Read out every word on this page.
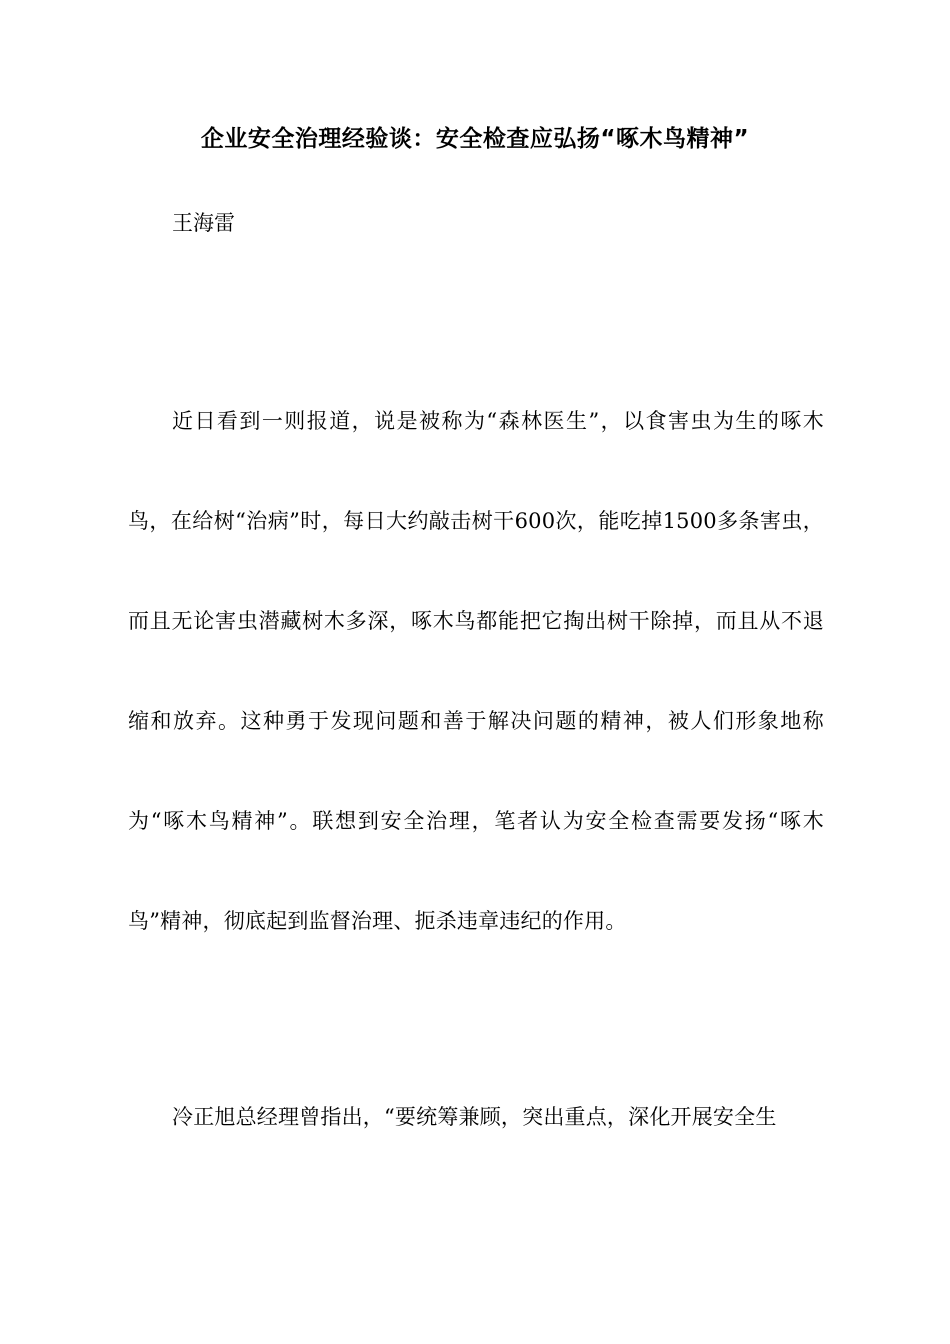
企业安全治理经验谈：安全检查应弘扬“啄木鸟精神”
王海雷

近日看到一则报道，说是被称为“森林医生”，以食害虫为生的啄木鸟，在给树“治病”时，每日大约敲击树干600次，能吃掉1500多条害虫，而且无论害虫潜藏树木多深，啄木鸟都能把它掏出树干除掉，而且从不退缩和放弃。这种勇于发现问题和善于解决问题的精神，被人们形象地称为“啄木鸟精神”。联想到安全治理，笔者认为安全检查需要发扬“啄木鸟”精神，彻底起到监督治理、扼杀违章违纪的作用。

冷正旭总经理曾指出，“要统筹兼顾，突出重点，深化开展安全生
